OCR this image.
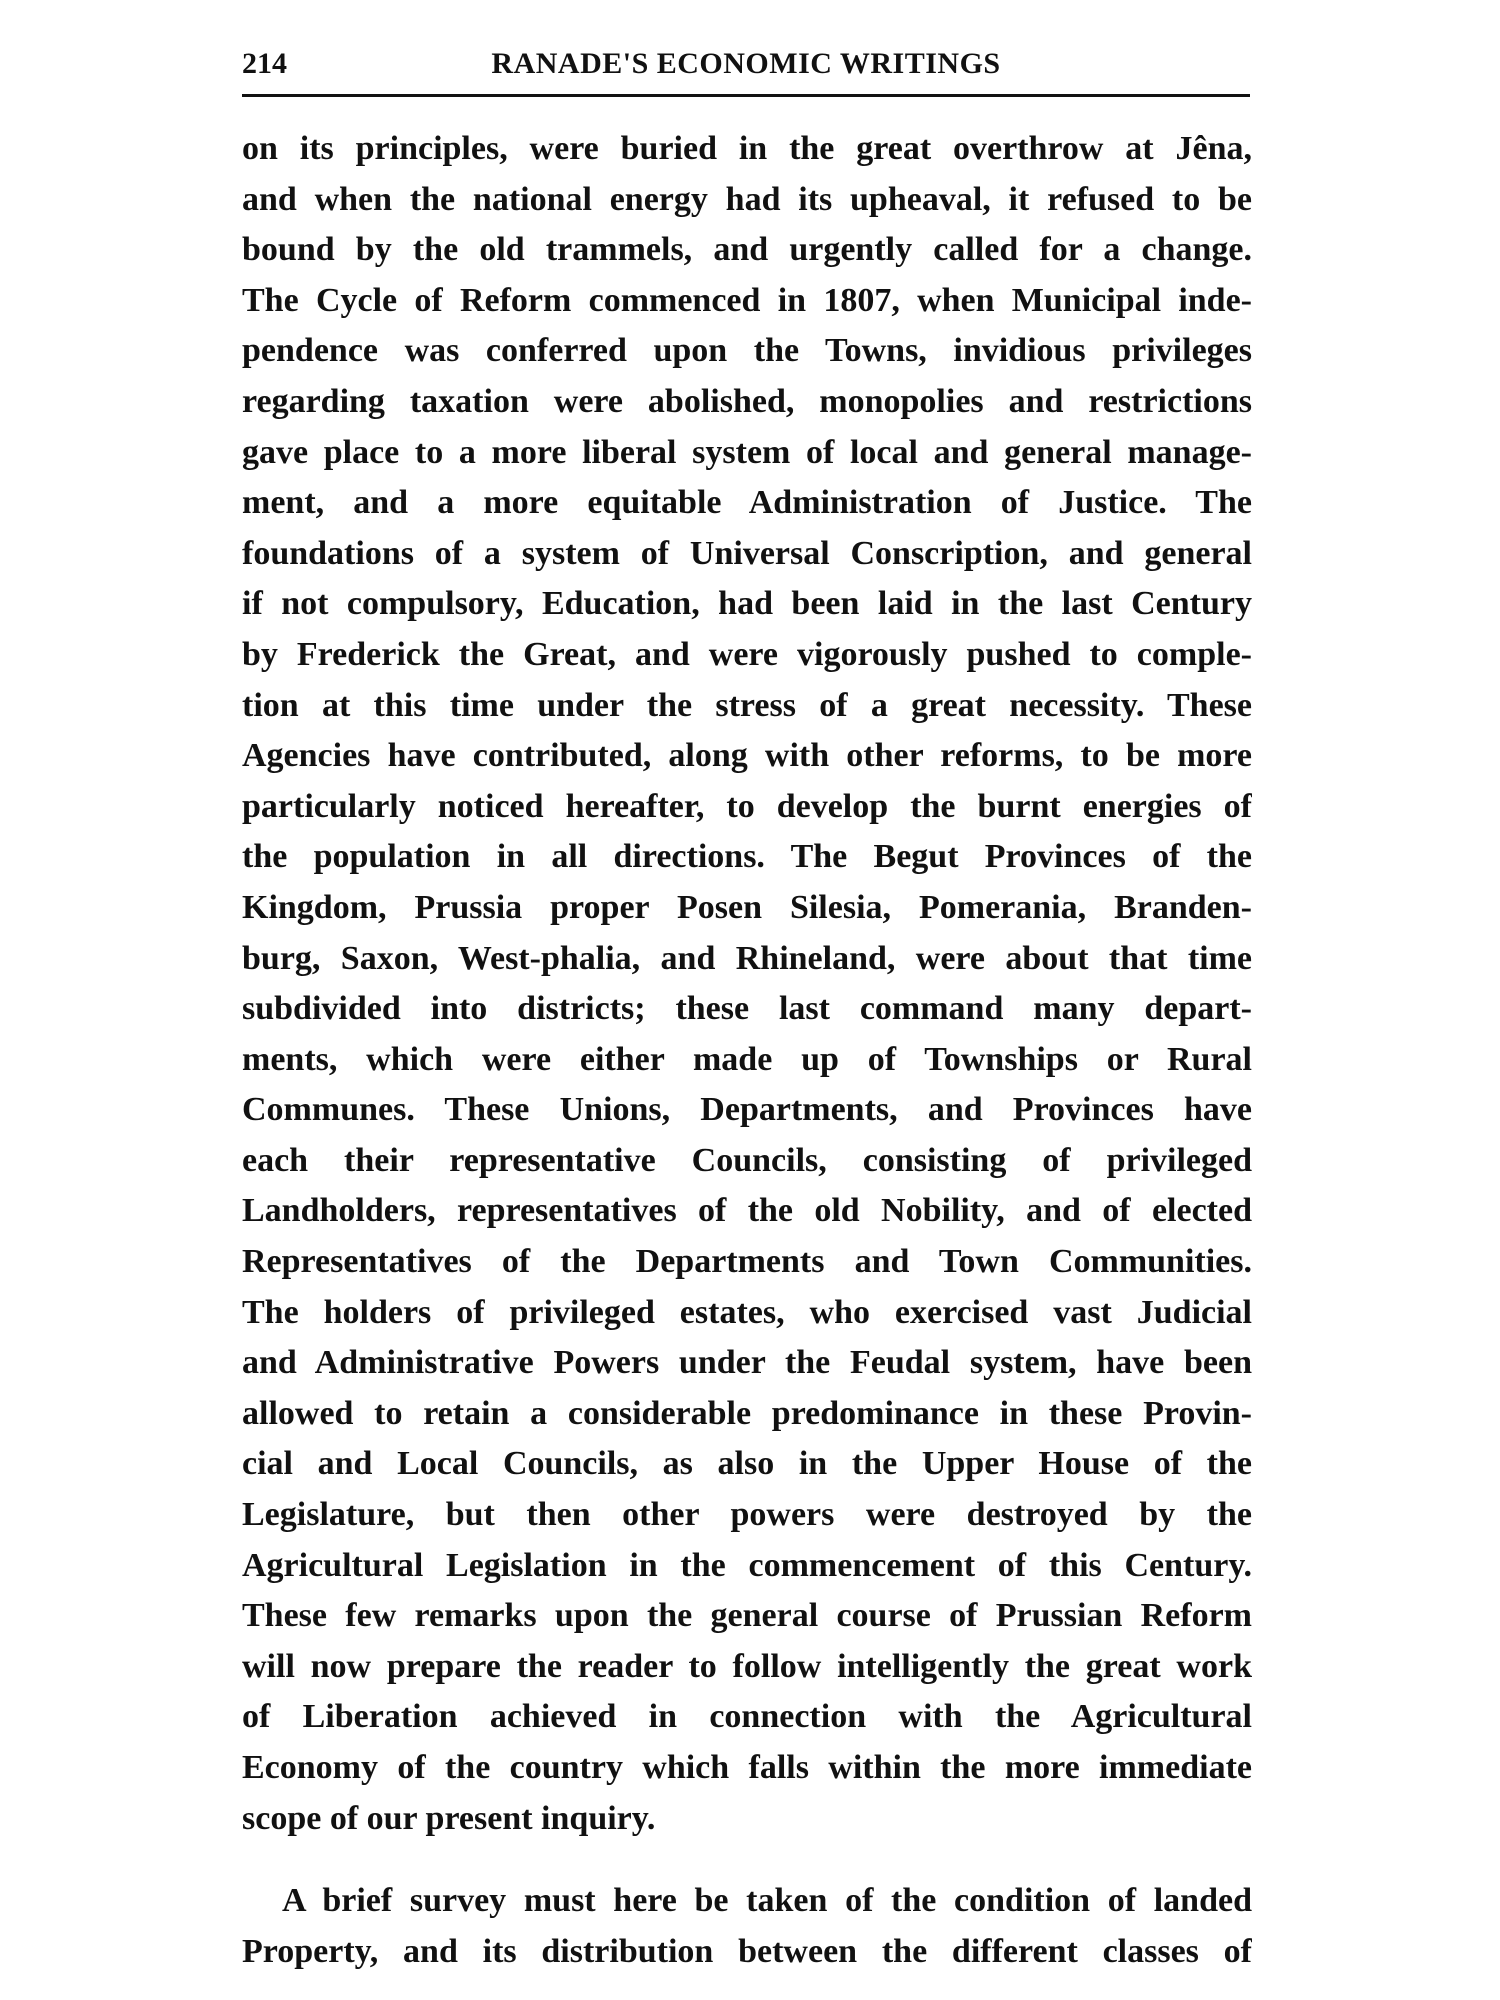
214	RANADE'S ECONOMIC WRITINGS
on its principles, were buried in the great overthrow at Jêna,
and when the national energy had its upheaval, it refused to be
bound by the old trammels, and urgently called for a change.
The Cycle of Reform commenced in 1807, when Municipal inde-
pendence was conferred upon the Towns, invidious privileges
regarding taxation were abolished, monopolies and restrictions
gave place to a more liberal system of local and general manage-
ment, and a more equitable Administration of Justice. The
foundations of a system of Universal Conscription, and general
if not compulsory, Education, had been laid in the last Century
by Frederick the Great, and were vigorously pushed to comple-
tion at this time under the stress of a great necessity. These
Agencies have contributed, along with other reforms, to be more
particularly noticed hereafter, to develop the burnt energies of
the population in all directions. The Begut Provinces of the
Kingdom, Prussia proper Posen Silesia, Pomerania, Branden-
burg, Saxon, West-phalia, and Rhineland, were about that time
subdivided into districts; these last command many depart-
ments, which were either made up of Townships or Rural
Communes. These Unions, Departments, and Provinces have
each their representative Councils, consisting of privileged
Landholders, representatives of the old Nobility, and of elected
Representatives of the Departments and Town Communities.
The holders of privileged estates, who exercised vast Judicial
and Administrative Powers under the Feudal system, have been
allowed to retain a considerable predominance in these Provin-
cial and Local Councils, as also in the Upper House of the
Legislature, but then other powers were destroyed by the
Agricultural Legislation in the commencement of this Century.
These few remarks upon the general course of Prussian Reform
will now prepare the reader to follow intelligently the great work
of Liberation achieved in connection with the Agricultural
Economy of the country which falls within the more immediate
scope of our present inquiry.
A brief survey must here be taken of the condition of landed
Property, and its distribution between the different classes of
